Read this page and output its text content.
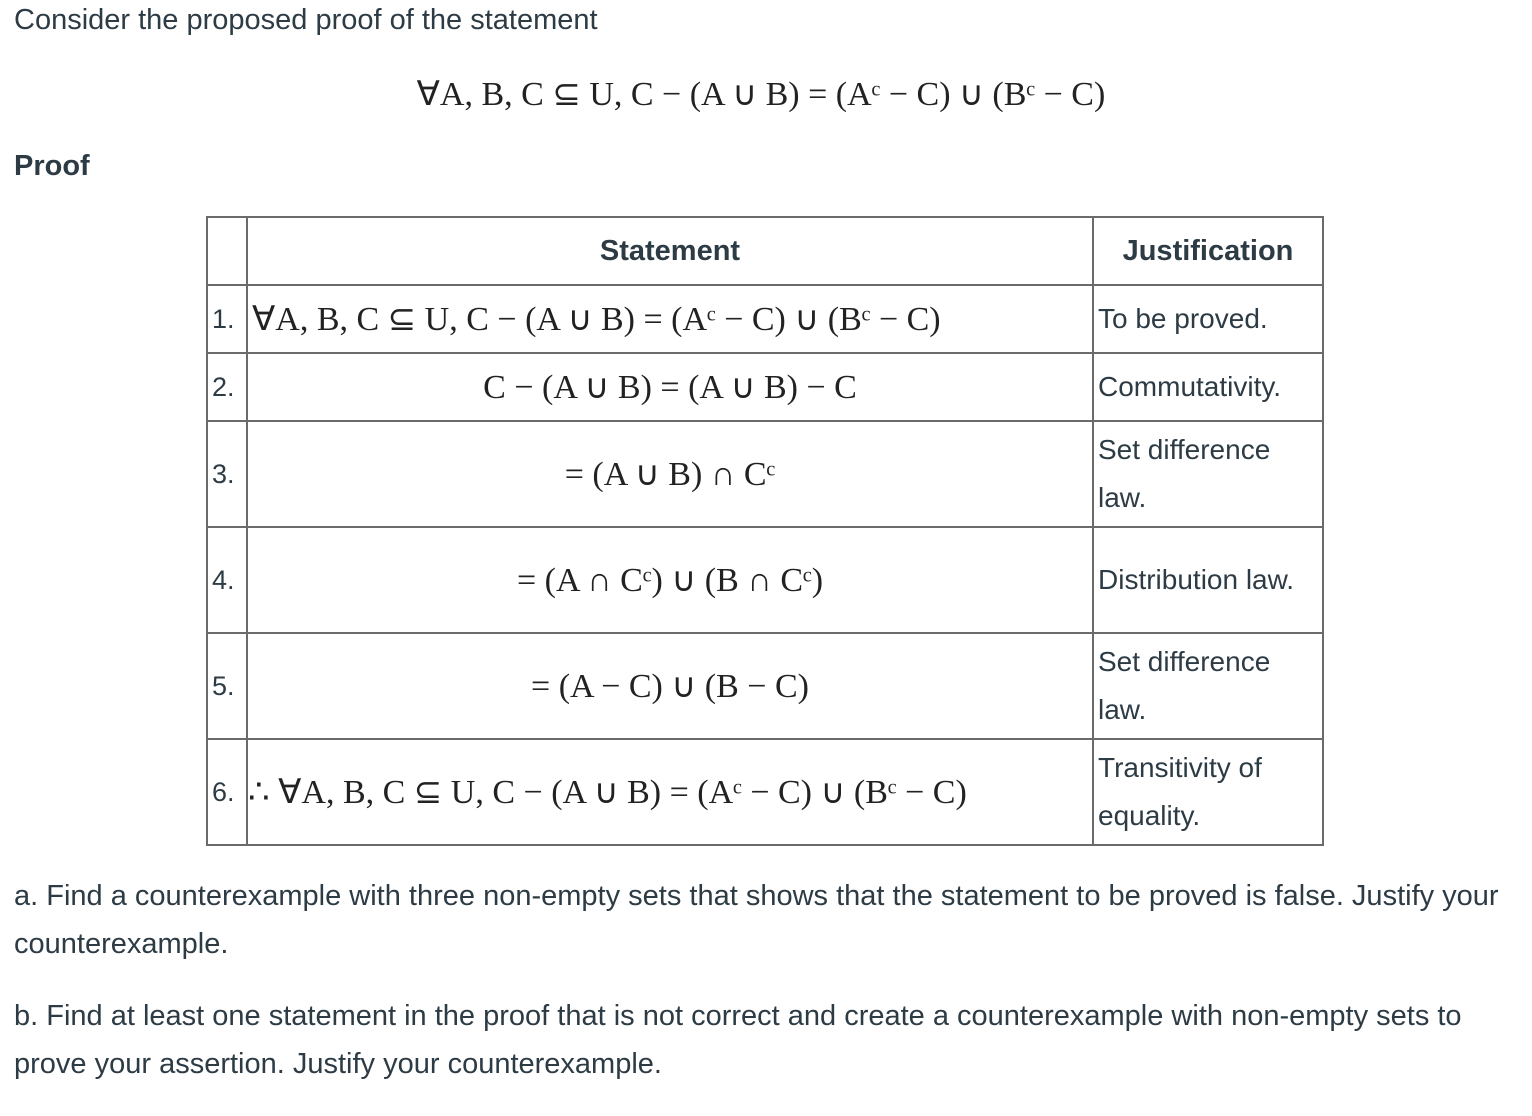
Consider the proposed proof of the statement
∀A, B, C ⊆ U, C − (A ∪ B) = (Aᶜ − C) ∪ (Bᶜ − C)
Proof
	Statement	Justification
1.	∀A, B, C ⊆ U, C − (A ∪ B) = (Aᶜ − C) ∪ (Bᶜ − C)	To be proved.
2.	C − (A ∪ B) = (A ∪ B) − C	Commutativity.
3.	= (A ∪ B) ∩ Cᶜ	Set difference law.
4.	= (A ∩ Cᶜ) ∪ (B ∩ Cᶜ)	Distribution law.
5.	= (A − C) ∪ (B − C)	Set difference law.
6.	∴ ∀A, B, C ⊆ U, C − (A ∪ B) = (Aᶜ − C) ∪ (Bᶜ − C)	Transitivity of equality.
a. Find a counterexample with three non-empty sets that shows that the statement to be proved is false. Justify your counterexample.
b. Find at least one statement in the proof that is not correct and create a counterexample with non-empty sets to prove your assertion. Justify your counterexample.
